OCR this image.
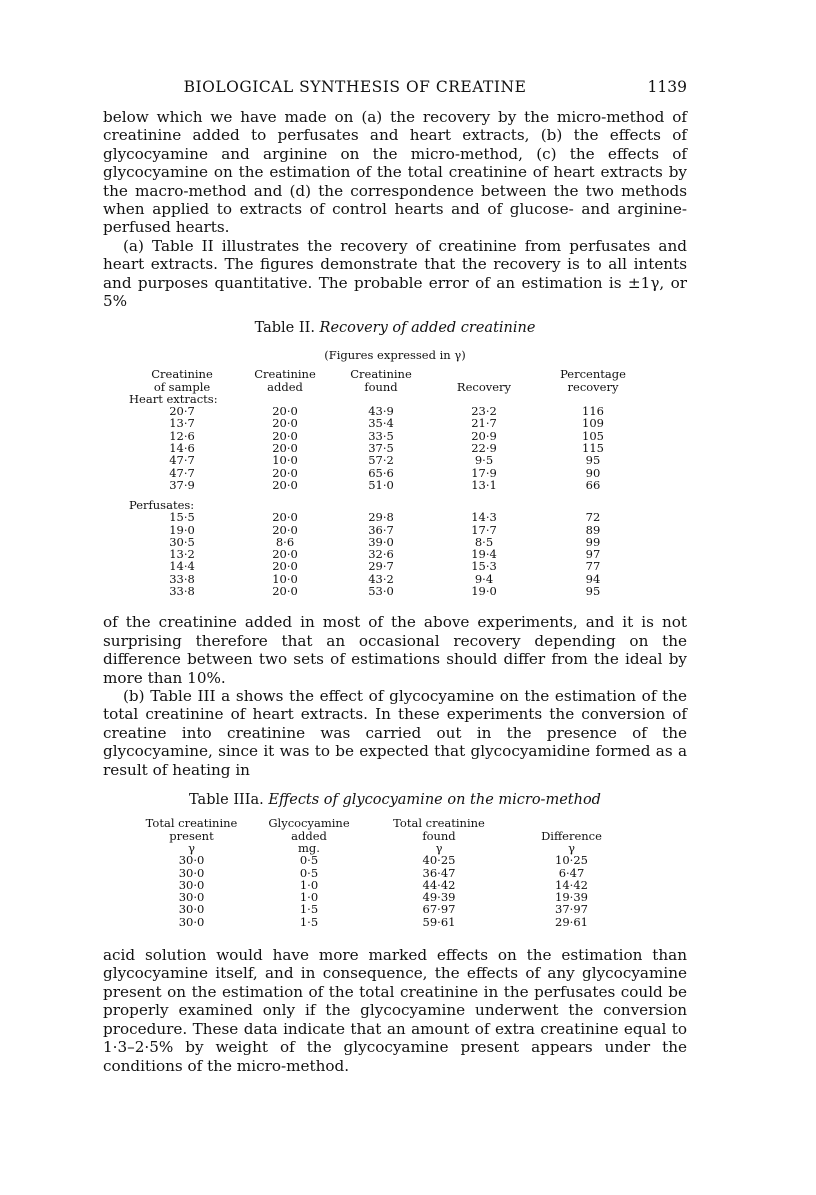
BIOLOGICAL SYNTHESIS OF CREATINE	1139

below which we have made on (a) the recovery by the micro-method of creatinine added to perfusates and heart extracts, (b) the effects of glycocyamine and arginine on the micro-method, (c) the effects of glycocyamine on the estimation of the total creatinine of heart extracts by the macro-method and (d) the correspondence between the two methods when applied to extracts of control hearts and of glucose- and arginine-perfused hearts.

(a) Table II illustrates the recovery of creatinine from perfusates and heart extracts. The figures demonstrate that the recovery is to all intents and purposes quantitative. The probable error of an estimation is ±1γ, or 5%

Table II. Recovery of added creatinine

(Figures expressed in γ)

Creatinine	Creatinine	Creatinine		Percentage
of sample	added	found	Recovery	recovery
Heart extracts:				
20·7	20·0	43·9	23·2	116
13·7	20·0	35·4	21·7	109
12·6	20·0	33·5	20·9	105
14·6	20·0	37·5	22·9	115
47·7	10·0	57·2	9·5	95
47·7	20·0	65·6	17·9	90
37·9	20·0	51·0	13·1	66
Perfusates:				
15·5	20·0	29·8	14·3	72
19·0	20·0	36·7	17·7	89
30·5	8·6	39·0	8·5	99
13·2	20·0	32·6	19·4	97
14·4	20·0	29·7	15·3	77
33·8	10·0	43·2	9·4	94
33·8	20·0	53·0	19·0	95

of the creatinine added in most of the above experiments, and it is not surprising therefore that an occasional recovery depending on the difference between two sets of estimations should differ from the ideal by more than 10%.

(b) Table III a shows the effect of glycocyamine on the estimation of the total creatinine of heart extracts. In these experiments the conversion of creatine into creatinine was carried out in the presence of the glycocyamine, since it was to be expected that glycocyamidine formed as a result of heating in

Table IIIa. Effects of glycocyamine on the micro-method

Total creatinine	Glycocyamine	Total creatinine	
present	added	found	Difference
γ	mg.	γ	γ
30·0	0·5	40·25	10·25
30·0	0·5	36·47	6·47
30·0	1·0	44·42	14·42
30·0	1·0	49·39	19·39
30·0	1·5	67·97	37·97
30·0	1·5	59·61	29·61

acid solution would have more marked effects on the estimation than glycocyamine itself, and in consequence, the effects of any glycocyamine present on the estimation of the total creatinine in the perfusates could be properly examined only if the glycocyamine underwent the conversion procedure. These data indicate that an amount of extra creatinine equal to 1·3–2·5% by weight of the glycocyamine present appears under the conditions of the micro-method.
